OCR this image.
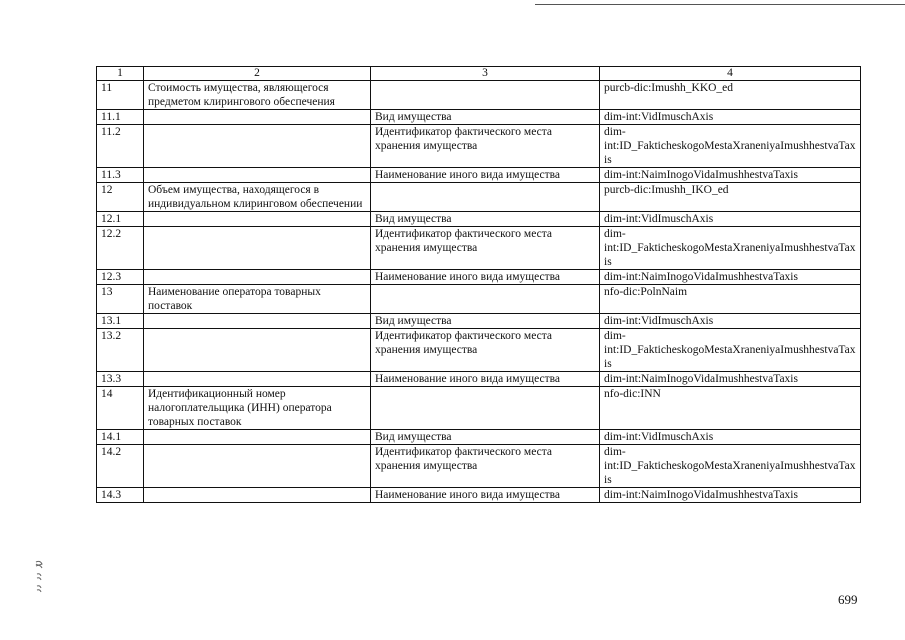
1	2	3	4
11	Стоимость имущества, являющегося предметом клирингового обеспечения		purcb-dic:Imushh_KKO_ed
11.1		Вид имущества	dim-int:VidImuschAxis
11.2		Идентификатор фактического места хранения имущества	dim-int:ID_FaktіcheskogoMestaXraneniyaImushhestvaTaxis
11.3		Наименование иного вида имущества	dim-int:NaimInogoVidaImushhestvaTaxis
12	Объем имущества, находящегося в индивидуальном клиринговом обеспечении		purcb-dic:Imushh_IKO_ed
12.1		Вид имущества	dim-int:VidImuschAxis
12.2		Идентификатор фактического места хранения имущества	dim-int:ID_FaktіcheskogoMestaXraneniyaImushhestvaTaxis
12.3		Наименование иного вида имущества	dim-int:NaimInogoVidaImushhestvaTaxis
13	Наименование оператора товарных поставок		nfo-dic:PolnNaim
13.1		Вид имущества	dim-int:VidImuschAxis
13.2		Идентификатор фактического места хранения имущества	dim-int:ID_FaktіcheskogoMestaXraneniyaImushhestvaTaxis
13.3		Наименование иного вида имущества	dim-int:NaimInogoVidaImushhestvaTaxis
14	Идентификационный номер налогоплательщика (ИНН) оператора товарных поставок		nfo-dic:INN
14.1		Вид имущества	dim-int:VidImuschAxis
14.2		Идентификатор фактического места хранения имущества	dim-int:ID_FaktіcheskogoMestaXraneniyaImushhestvaTaxis
14.3		Наименование иного вида имущества	dim-int:NaimInogoVidaImushhestvaTaxis
699
